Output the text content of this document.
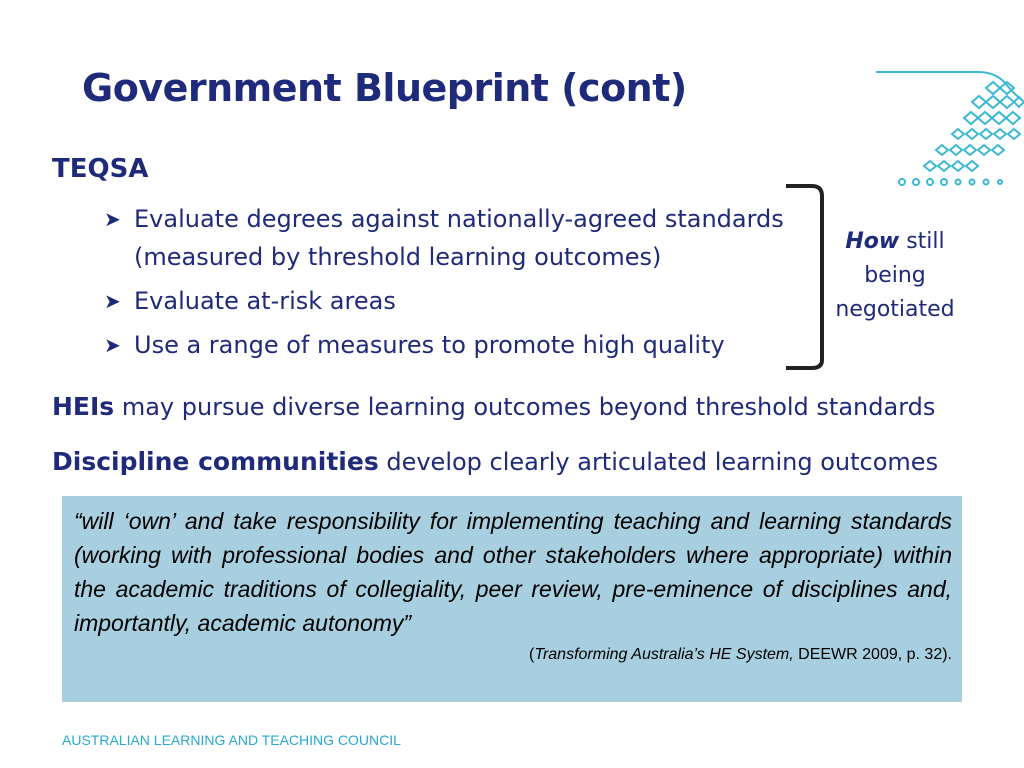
Government Blueprint (cont)
TEQSA
➤ Evaluate degrees against nationally-agreed standards
(measured by threshold learning outcomes)
➤ Evaluate at-risk areas
➤ Use a range of measures to promote high quality
How still
being
negotiated
HEIs may pursue diverse learning outcomes beyond threshold standards
Discipline communities develop clearly articulated learning outcomes
“will ‘own’ and take responsibility for implementing teaching and learning standards (working with professional bodies and other stakeholders where appropriate) within the academic traditions of collegiality, peer review, pre-eminence of disciplines and, importantly, academic autonomy”
(Transforming Australia’s HE System, DEEWR 2009, p. 32).
AUSTRALIAN LEARNING AND TEACHING COUNCIL
